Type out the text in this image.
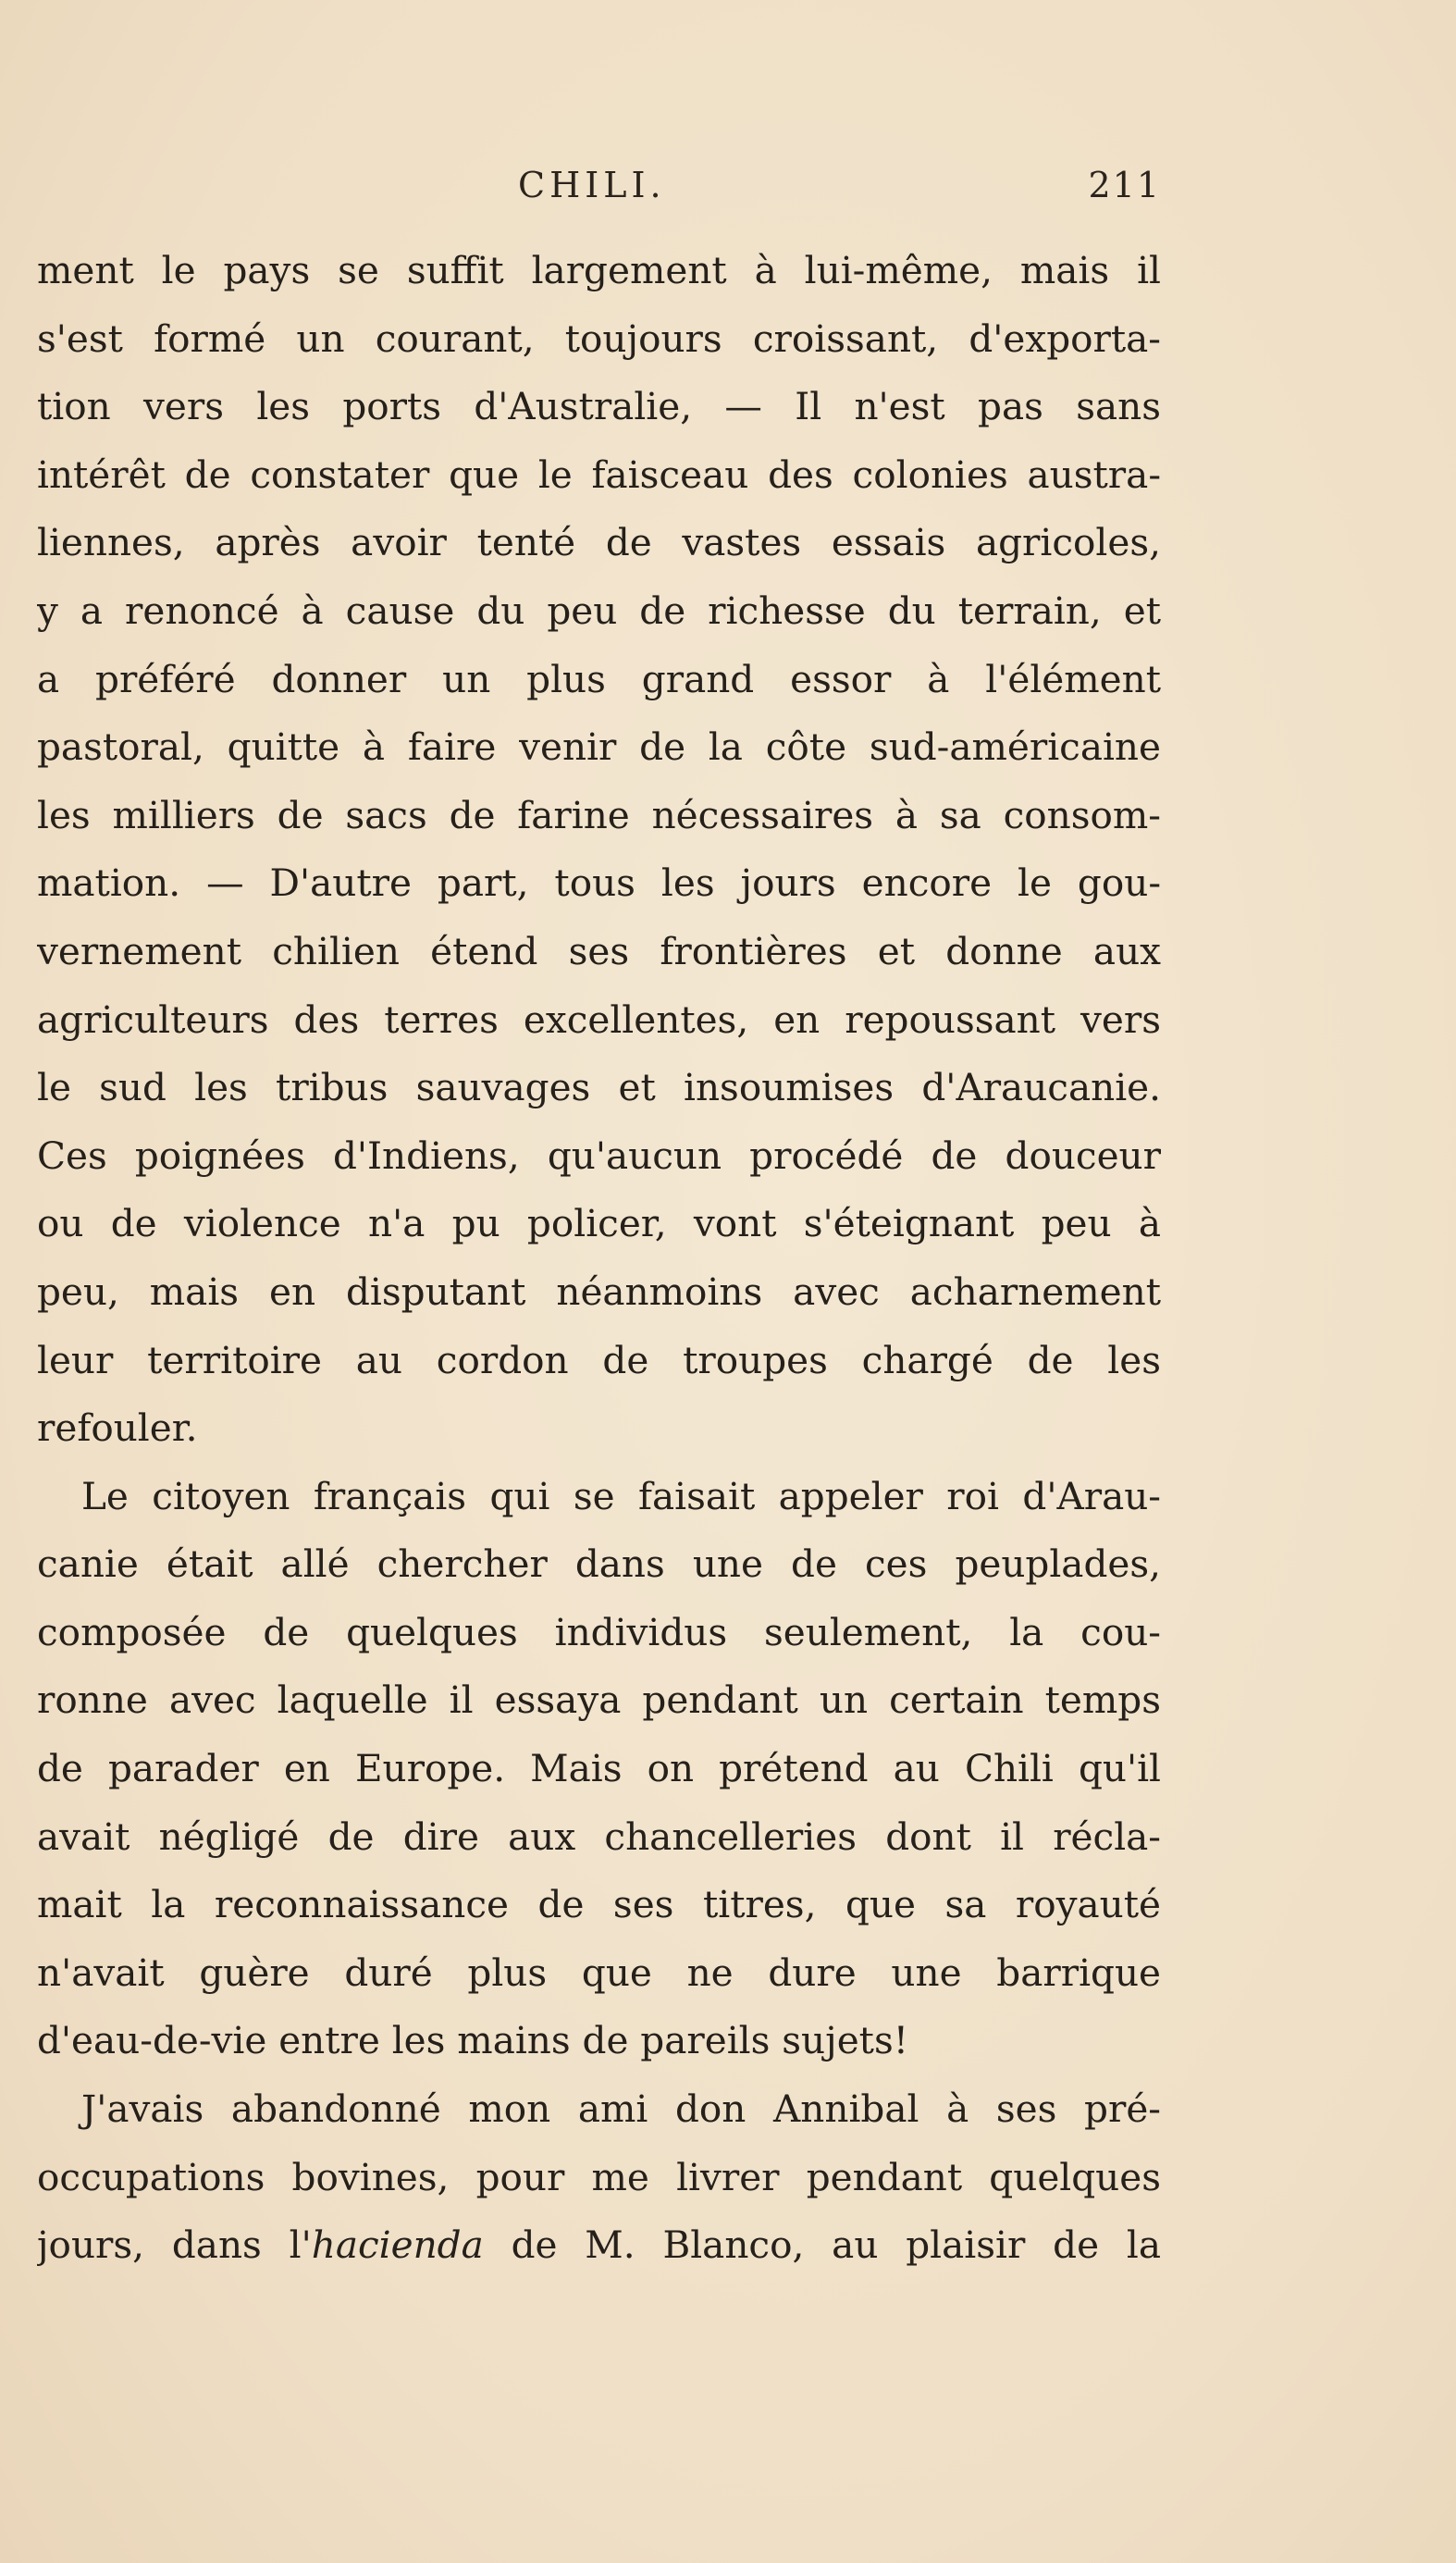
CHILI.	211
ment le pays se suffit largement à lui-même, mais il
s'est formé un courant, toujours croissant, d'exporta-
tion vers les ports d'Australie, — Il n'est pas sans
intérêt de constater que le faisceau des colonies austra-
liennes, après avoir tenté de vastes essais agricoles,
y a renoncé à cause du peu de richesse du terrain, et
a préféré donner un plus grand essor à l'élément
pastoral, quitte à faire venir de la côte sud-américaine
les milliers de sacs de farine nécessaires à sa consom-
mation. — D'autre part, tous les jours encore le gou-
vernement chilien étend ses frontières et donne aux
agriculteurs des terres excellentes, en repoussant vers
le sud les tribus sauvages et insoumises d'Araucanie.
Ces poignées d'Indiens, qu'aucun procédé de douceur
ou de violence n'a pu policer, vont s'éteignant peu à
peu, mais en disputant néanmoins avec acharnement
leur territoire au cordon de troupes chargé de les
refouler.
Le citoyen français qui se faisait appeler roi d'Arau-
canie était allé chercher dans une de ces peuplades,
composée de quelques individus seulement, la cou-
ronne avec laquelle il essaya pendant un certain temps
de parader en Europe. Mais on prétend au Chili qu'il
avait négligé de dire aux chancelleries dont il récla-
mait la reconnaissance de ses titres, que sa royauté
n'avait guère duré plus que ne dure une barrique
d'eau-de-vie entre les mains de pareils sujets!
J'avais abandonné mon ami don Annibal à ses pré-
occupations bovines, pour me livrer pendant quelques
jours, dans l'hacienda de M. Blanco, au plaisir de la
